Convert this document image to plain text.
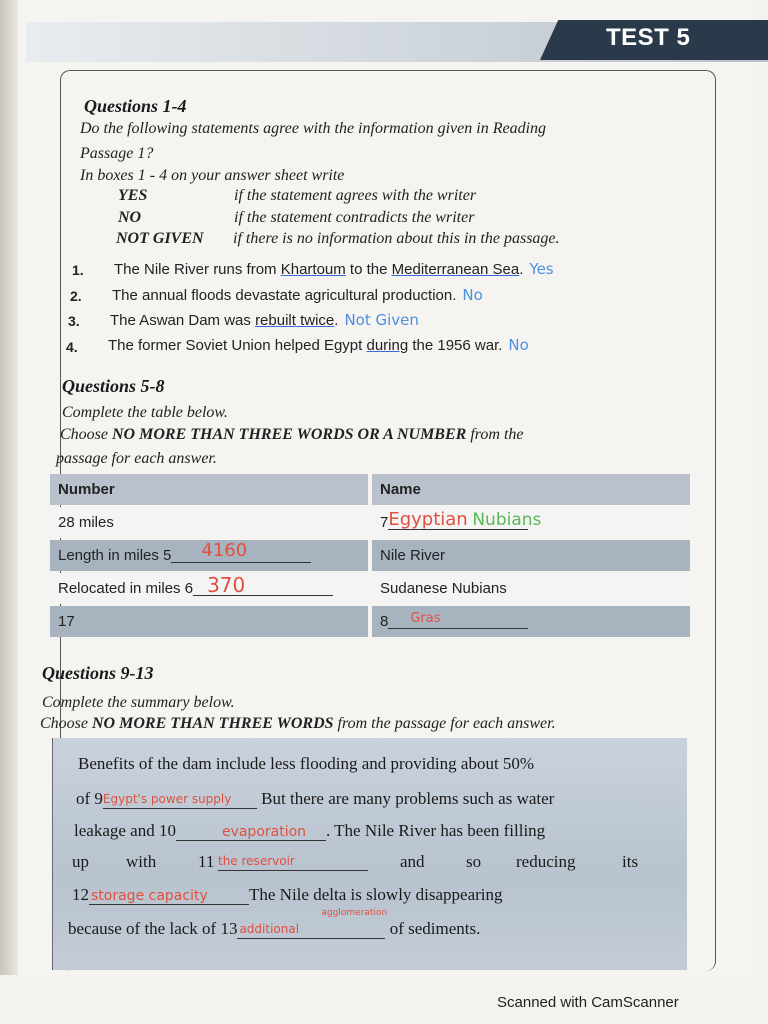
TEST 5
Questions 1-4
Do the following statements agree with the information given in Reading
Passage 1?
In boxes 1 - 4 on your answer sheet write
YES	if the statement agrees with the writer
NO	if the statement contradicts the writer
NOT GIVEN if there is no information about this in the passage.
1. The Nile River runs from Khartoum to the Mediterranean Sea. Yes
2. The annual floods devastate agricultural production. No
3. The Aswan Dam was rebuilt twice. Not Given
4. The former Soviet Union helped Egypt during the 1956 war. No
Questions 5-8
Complete the table below.
Choose NO MORE THAN THREE WORDS OR A NUMBER from the
passage for each answer.
Number	Name
28 miles	7 Egyptian Nubians
Length in miles 5 4160	Nile River
Relocated in miles 6 370	Sudanese Nubians
17	8 Gras
Questions 9-13
Complete the summary below.
Choose NO MORE THAN THREE WORDS from the passage for each answer.
Benefits of the dam include less flooding and providing about 50%
of 9 Egypt's power supply But there are many problems such as water
leakage and 10	evaporation . The Nile River has been filling
up with 11 the reservoir	and so reducing	its
12 storage capacity The Nile delta is slowly disappearing
because of the lack of 13
agglomeration
additional	of sediments.
Scanned with CamScanner
